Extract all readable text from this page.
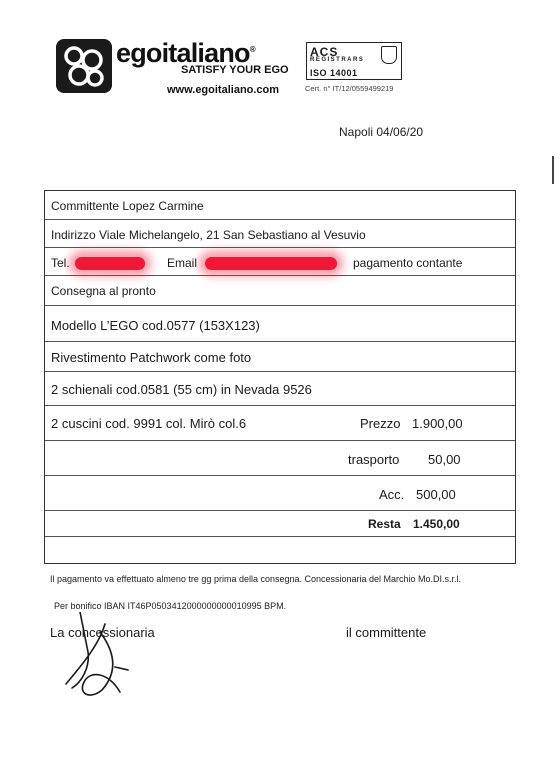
egoitaliano®
SATISFY YOUR EGO
www.egoitaliano.com
ACS
REGISTRARS
ISO 14001
Cert. n° IT/12/0559499219
Napoli 04/06/20
Committente Lopez Carmine
Indirizzo Viale Michelangelo, 21 San Sebastiano al Vesuvio
Tel.	Email	pagamento contante
Consegna al pronto
Modello L’EGO cod.0577 (153X123)
Rivestimento Patchwork come foto
2 schienali cod.0581 (55 cm) in Nevada 9526
2 cuscini cod. 9991 col. Mirò col.6	Prezzo 1.900,00
trasporto 50,00
Acc. 500,00
Resta 1.450,00
Il pagamento va effettuato almeno tre gg prima della consegna. Concessionaria del Marchio Mo.DI.s.r.l.
Per bonifico IBAN IT46P0503412000000000010995 BPM.
La concessionaria	il committente
